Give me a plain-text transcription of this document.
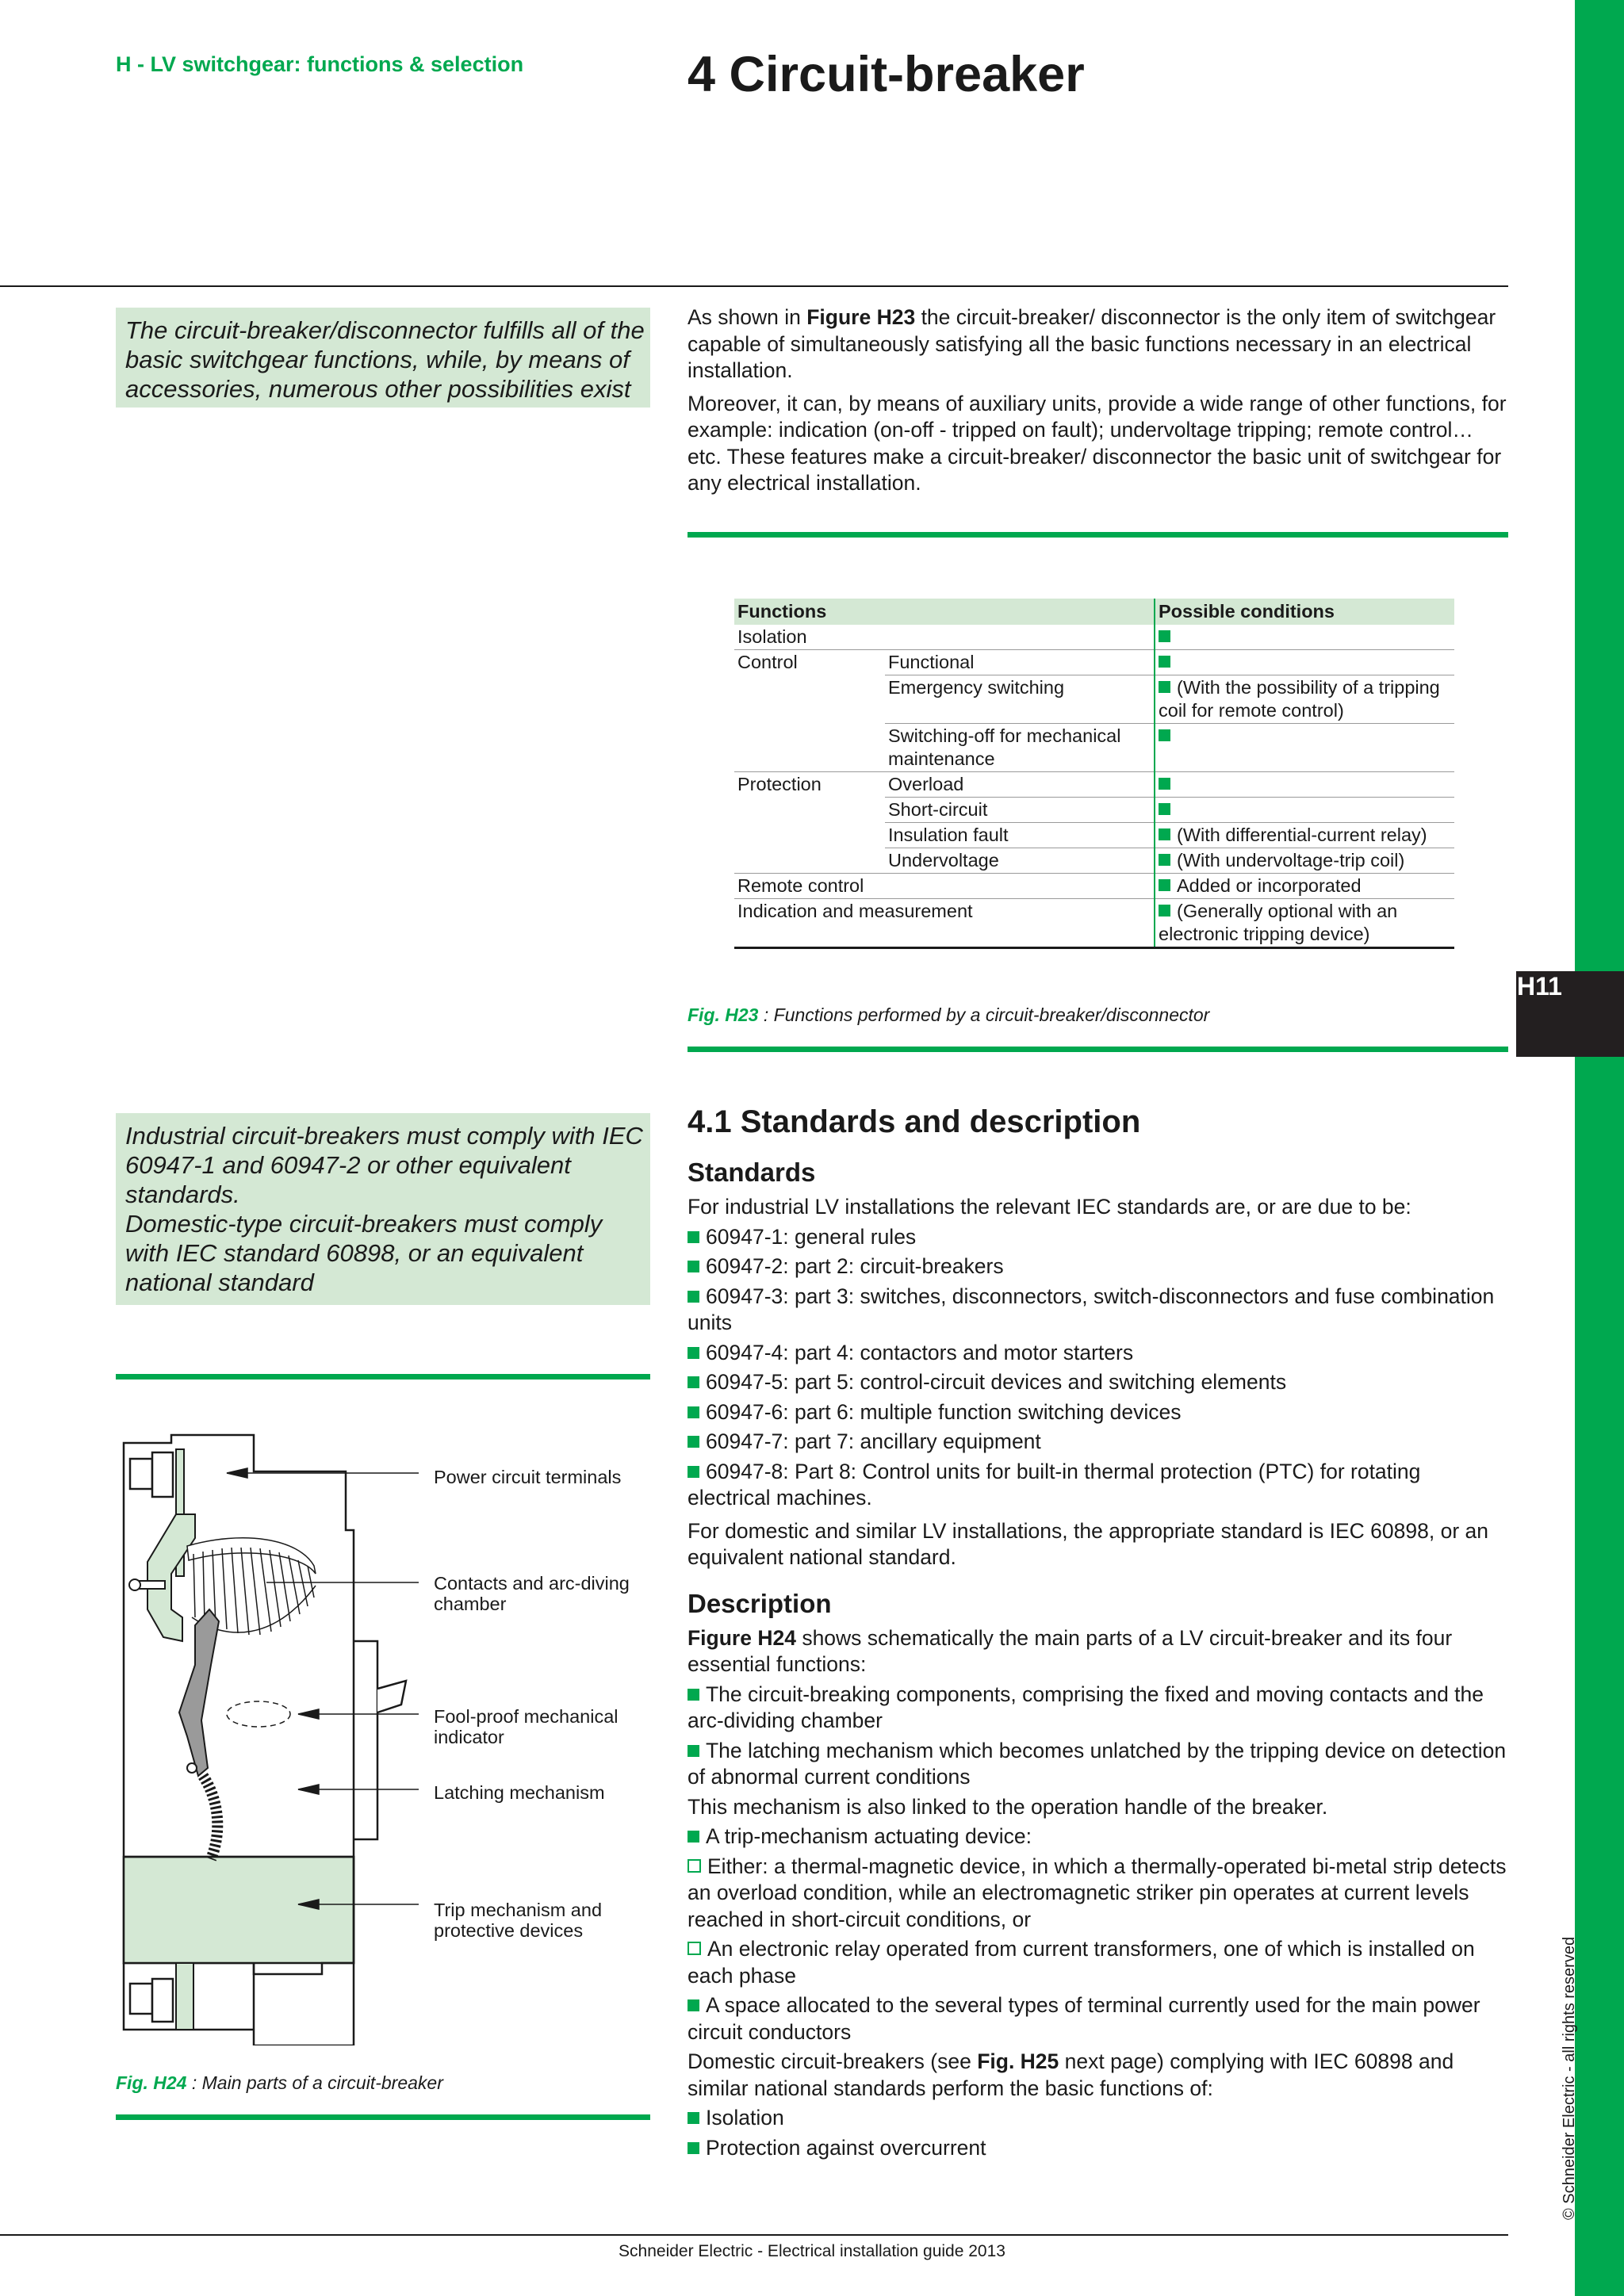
H11
H - LV switchgear: functions & selection	4 Circuit-breaker

The circuit-breaker/disconnector fulfills all of the basic switchgear functions, while, by means of accessories, numerous other possibilities exist

As shown in Figure H23 the circuit-breaker/ disconnector is the only item of switchgear capable of simultaneously satisfying all the basic functions necessary in an electrical installation.

Moreover, it can, by means of auxiliary units, provide a wide range of other functions, for example: indication (on-off - tripped on fault); undervoltage tripping; remote control… etc. These features make a circuit-breaker/ disconnector the basic unit of switchgear for any electrical installation.

Functions		Possible conditions
Isolation		
Control	Functional	
	Emergency switching	(With the possibility of a tripping coil for remote control)
	Switching-off for mechanical maintenance	
Protection	Overload	
	Short-circuit	
	Insulation fault	(With differential-current relay)
	Undervoltage	(With undervoltage-trip coil)
Remote control		Added or incorporated
Indication and measurement		(Generally optional with an electronic tripping device)
Fig. H23 : Functions performed by a circuit-breaker/disconnector

Industrial circuit-breakers must comply with IEC 60947-1 and 60947-2 or other equivalent standards.

Domestic-type circuit-breakers must comply with IEC standard 60898, or an equivalent national standard

4.1 Standards and description
Standards

For industrial LV installations the relevant IEC standards are, or are due to be:

60947-1: general rules

60947-2: part 2: circuit-breakers

60947-3: part 3: switches, disconnectors, switch-disconnectors and fuse combination units

60947-4: part 4: contactors and motor starters

60947-5: part 5: control-circuit devices and switching elements

60947-6: part 6: multiple function switching devices

60947-7: part 7: ancillary equipment

60947-8: Part 8: Control units for built-in thermal protection (PTC) for rotating electrical machines.

For domestic and similar LV installations, the appropriate standard is IEC 60898, or an equivalent national standard.

Description

Figure H24 shows schematically the main parts of a LV circuit-breaker and its four essential functions:

The circuit-breaking components, comprising the fixed and moving contacts and the arc-dividing chamber

The latching mechanism which becomes unlatched by the tripping device on detection of abnormal current conditions

This mechanism is also linked to the operation handle of the breaker.

A trip-mechanism actuating device:

Either: a thermal-magnetic device, in which a thermally-operated bi-metal strip detects an overload condition, while an electromagnetic striker pin operates at current levels reached in short-circuit conditions, or

An electronic relay operated from current transformers, one of which is installed on each phase

A space allocated to the several types of terminal currently used for the main power circuit conductors

Domestic circuit-breakers (see Fig. H25 next page) complying with IEC 60898 and similar national standards perform the basic functions of:

Isolation

Protection against overcurrent

Power circuit terminals
Contacts and arc-diving chamber
Fool-proof mechanical indicator
Latching mechanism
Trip mechanism and protective devices
Fig. H24 : Main parts of a circuit-breaker
Schneider Electric - Electrical installation guide 2013
© Schneider Electric - all rights reserved
